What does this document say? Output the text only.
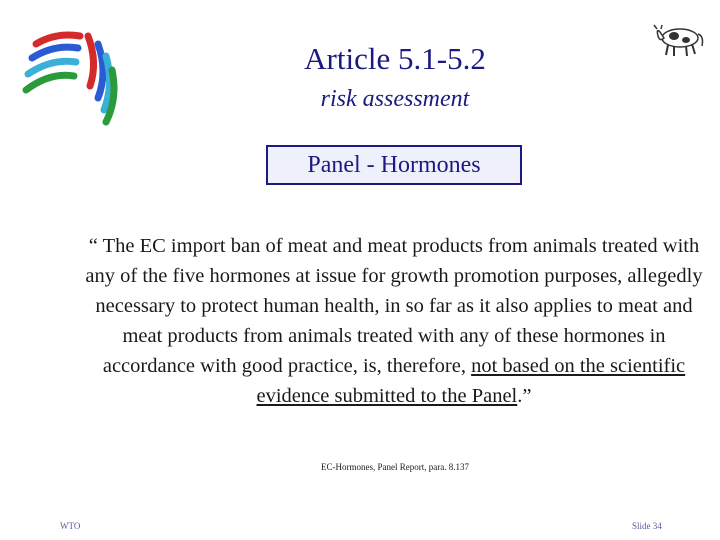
Article 5.1-5.2
risk assessment
Panel - Hormones
“ The EC import ban of meat and meat products from animals treated with any of the five hormones at issue for growth promotion purposes, allegedly necessary to protect human health, in so far as it also applies to meat and meat products from animals treated with any of these hormones in accordance with good practice, is, therefore, not based on the scientific evidence submitted to the Panel.”
EC-Hormones, Panel Report, para. 8.137
WTO	Slide 34
